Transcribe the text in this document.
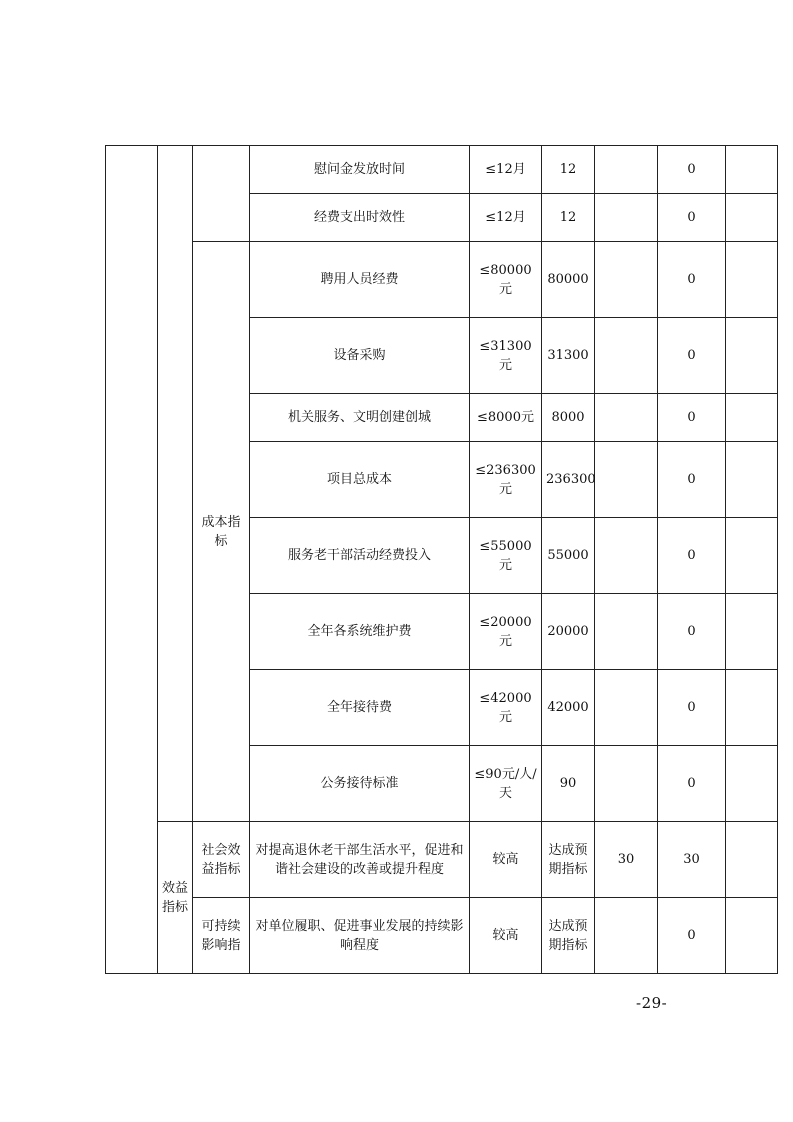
			慰问金发放时间	≤12月	12		0	
			经费支出时效性	≤12月	12		0	
		成本指标	聘用人员经费	≤80000元	80000		0	
			设备采购	≤31300元	31300		0	
			机关服务、文明创建创城	≤8000元	8000		0	
			项目总成本	≤236300元	236300		0	
			服务老干部活动经费投入	≤55000元	55000		0	
			全年各系统维护费	≤20000元	20000		0	
			全年接待费	≤42000元	42000		0	
			公务接待标准	≤90元/人/天	90		0	
	效益指标	社会效益指标	对提高退休老干部生活水平，促进和谐社会建设的改善或提升程度	较高	达成预期指标	30	30	
		可持续影响指	对单位履职、促进事业发展的持续影响程度	较高	达成预期指标		0	
-29-
